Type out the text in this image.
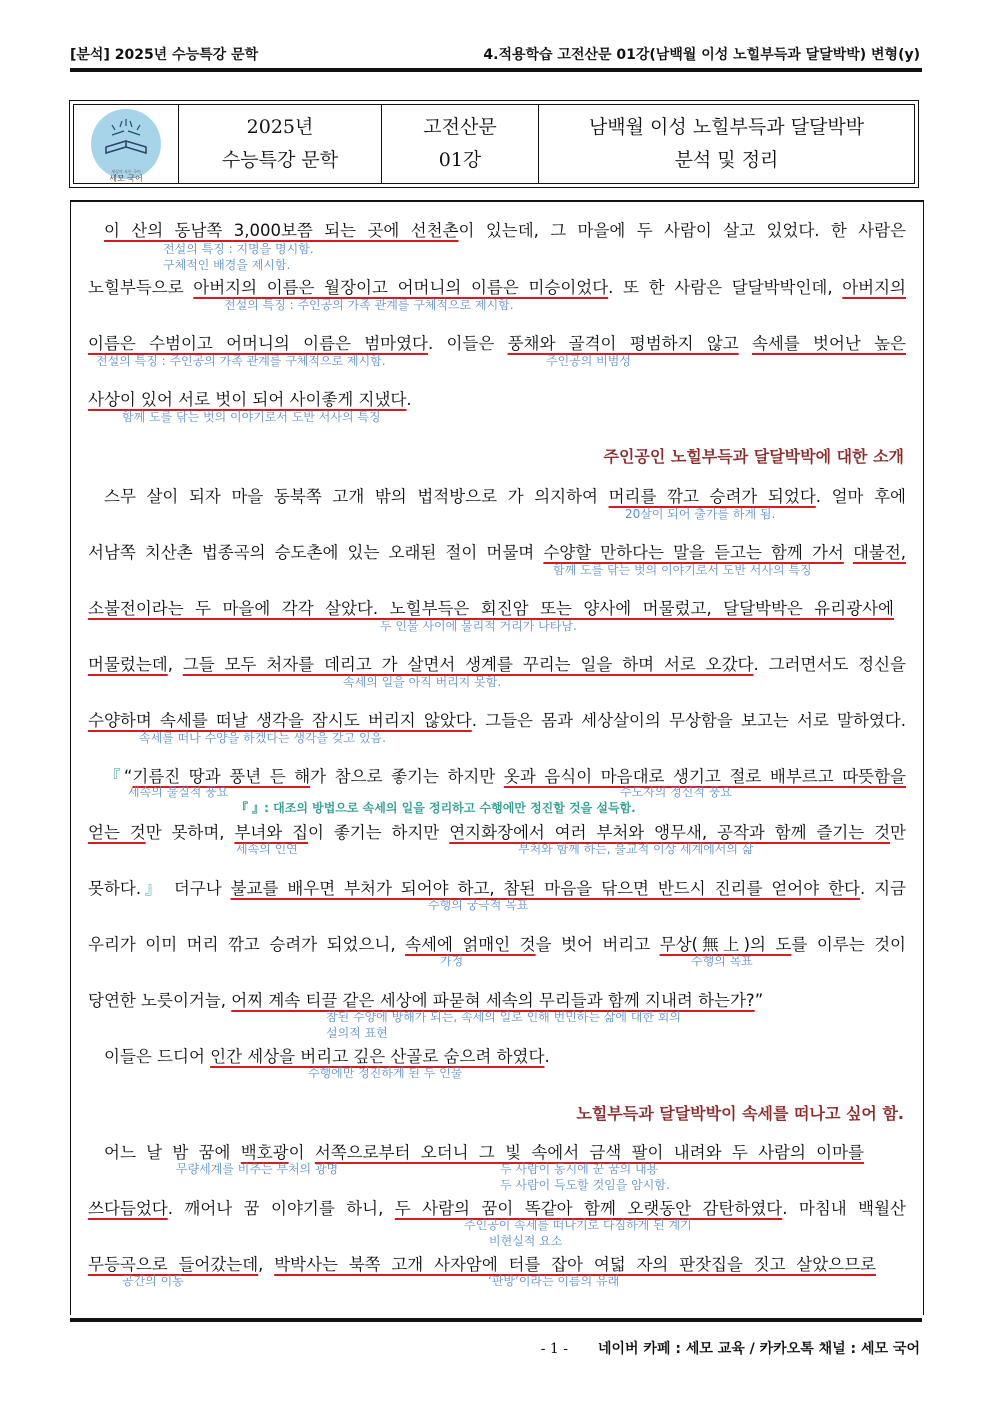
[분석] 2025년 수능특강 문학	4.적용학습 고전산문 01강(남백월 이성 노힐부득과 달달박박) 변형(y)
세상의 모든 국어
세모 국어
2025년
수능특강 문학
고전산문
01강
남백월 이성 노힐부득과 달달박박
분석 및 정리
이 산의 동남쪽 3,000보쯤 되는 곳에 선천촌이 있는데, 그 마을에 두 사람이 살고 있었다. 한 사람은
전설의 특징 : 지명을 명시함.
구체적인 배경을 제시함.
노힐부득으로 아버지의 이름은 월장이고 어머니의 이름은 미승이었다. 또 한 사람은 달달박박인데, 아버지의
전설의 특징 : 주인공의 가족 관계를 구체적으로 제시함.
이름은 수범이고 어머니의 이름은 범마였다. 이들은 풍채와 골격이 평범하지 않고 속세를 벗어난 높은
전설의 특징 : 주인공의 가족 관계를 구체적으로 제시함.	주인공의 비범성
사상이 있어 서로 벗이 되어 사이좋게 지냈다.
함께 도를 닦는 벗의 이야기로서 도반 서사의 특징
주인공인 노힐부득과 달달박박에 대한 소개
스무 살이 되자 마을 동북쪽 고개 밖의 법적방으로 가 의지하여 머리를 깎고 승려가 되었다. 얼마 후에
20살이 되어 출가를 하게 됨.
서남쪽 치산촌 법종곡의 승도촌에 있는 오래된 절이 머물며 수양할 만하다는 말을 듣고는 함께 가서 대불전,
함께 도를 닦는 벗의 이야기로서 도반 서사의 특징
소불전이라는 두 마을에 각각 살았다. 노힐부득은 회진암 또는 양사에 머물렀고, 달달박박은 유리광사에
두 인물 사이에 물리적 거리가 나타남.
머물렀는데, 그들 모두 처자를 데리고 가 살면서 생계를 꾸리는 일을 하며 서로 오갔다. 그러면서도 정신을
속세의 일을 아직 버리지 못함.
수양하며 속세를 떠날 생각을 잠시도 버리지 않았다. 그들은 몸과 세상살이의 무상함을 보고는 서로 말하였다.
속세를 떠나 수양을 하겠다는 생각을 갖고 있음.
『“기름진 땅과 풍년 든 해가 참으로 좋기는 하지만 옷과 음식이 마음대로 생기고 절로 배부르고 따뜻함을
세속의 물질적 풍요	수도자의 정신적 풍요
『 』: 대조의 방법으로 속세의 일을 정리하고 수행에만 정진할 것을 설득함.
얻는 것만 못하며, 부녀와 집이 좋기는 하지만 연지화장에서 여러 부처와 앵무새, 공작과 함께 즐기는 것만
세속의 인연	부처와 함께 하는, 불교적 이상 세계에서의 삶
못하다.』 더구나 불교를 배우면 부처가 되어야 하고, 참된 마음을 닦으면 반드시 진리를 얻어야 한다. 지금
수행의 궁극적 목표
우리가 이미 머리 깎고 승려가 되었으니, 속세에 얽매인 것을 벗어 버리고 무상(無上)의 도를 이루는 것이
가정	수행의 목표
당연한 노릇이거늘, 어찌 계속 티끌 같은 세상에 파묻혀 세속의 무리들과 함께 지내려 하는가?”
참된 수양에 방해가 되는, 속세의 일로 인해 번민하는 삶에 대한 회의
설의적 표현
이들은 드디어 인간 세상을 버리고 깊은 산골로 숨으려 하였다.
수행에만 정진하게 된 두 인물
노힐부득과 달달박박이 속세를 떠나고 싶어 함.
어느 날 밤 꿈에 백호광이 서쪽으로부터 오더니 그 빛 속에서 금색 팔이 내려와 두 사람의 이마를
무량세계를 비추는 부처의 광명	두 사람이 동시에 꾼 꿈의 내용
두 사람이 득도할 것임을 암시함.
쓰다듬었다. 깨어나 꿈 이야기를 하니, 두 사람의 꿈이 똑같아 함께 오랫동안 감탄하였다. 마침내 백월산
주인공이 속세를 떠나기로 다짐하게 된 계기
비현실적 요소
무등곡으로 들어갔는데, 박박사는 북쪽 고개 사자암에 터를 잡아 여덟 자의 판잣집을 짓고 살았으므로
공간의 이동	‘판방’이라는 이름의 유래
- 1 - 네이버 카페 : 세모 교육 / 카카오톡 채널 : 세모 국어
